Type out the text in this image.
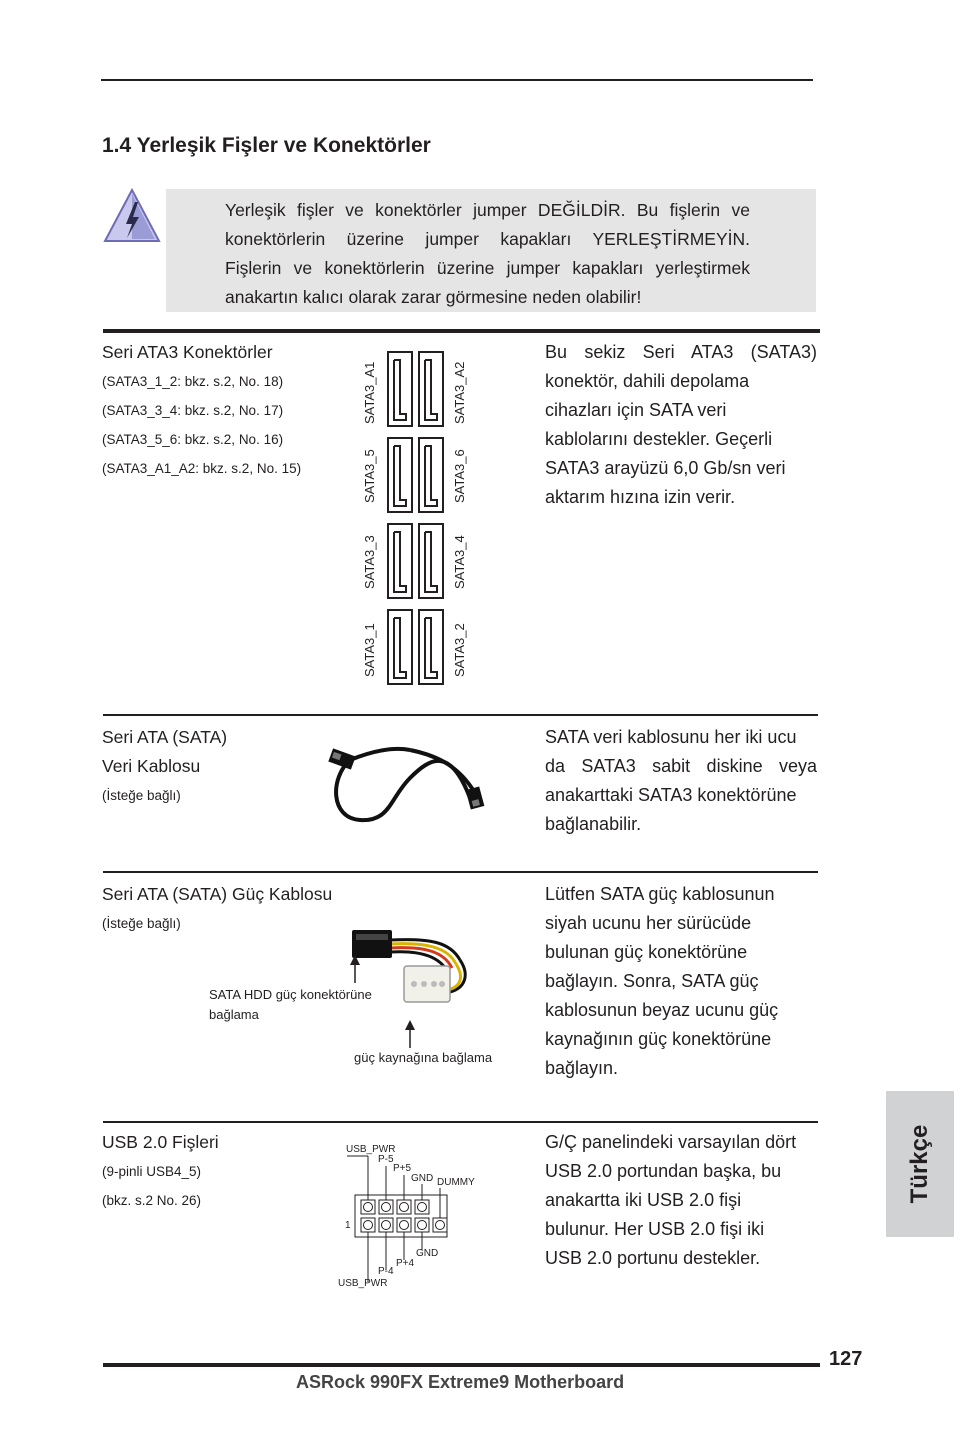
1.4 Yerleşik Fişler ve Konektörler
Yerleşik fişler ve konektörler jumper DEĞİLDİR. Bu fişlerin ve
konektörlerin üzerine jumper kapakları YERLEŞTİRMEYİN.
Fişlerin ve konektörlerin üzerine jumper kapakları yerleştirmek
anakartın kalıcı olarak zarar görmesine neden olabilir!
Seri ATA3 Konektörler
(SATA3_1_2: bkz. s.2, No. 18)
(SATA3_3_4: bkz. s.2, No. 17)
(SATA3_5_6: bkz. s.2, No. 16)
(SATA3_A1_A2: bkz. s.2, No. 15)
SATA3_A1	SATA3_A2
SATA3_5	SATA3_6
SATA3_3	SATA3_4
SATA3_1	SATA3_2
Bu sekiz Seri ATA3 (SATA3)
konektör, dahili depolama
cihazları için SATA veri
kablolarını destekler. Geçerli
SATA3 arayüzü 6,0 Gb/sn veri
aktarım hızına izin verir.
Seri ATA (SATA)
Veri Kablosu
(İsteğe bağlı)
SATA veri kablosunu her iki ucu
da SATA3 sabit diskine veya
anakarttaki SATA3 konektörüne
bağlanabilir.
Seri ATA (SATA) Güç Kablosu
(İsteğe bağlı)
SATA HDD güç konektörüne
bağlama
güç kaynağına bağlama
Lütfen SATA güç kablosunun
siyah ucunu her sürücüde
bulunan güç konektörüne
bağlayın. Sonra, SATA güç
kablosunun beyaz ucunu güç
kaynağının güç konektörüne
bağlayın.
USB 2.0 Fişleri
(9-pinli USB4_5)
(bkz. s.2 No. 26)
USB_PWR
P-5
P+5
GND DUMMY
1
GND
P+4
P-4
USB_PWR
G/Ç panelindeki varsayılan dört
USB 2.0 portundan başka, bu
anakartta iki USB 2.0 fişi
bulunur. Her USB 2.0 fişi iki
USB 2.0 portunu destekler.
Türkçe
127
ASRock 990FX Extreme9 Motherboard
